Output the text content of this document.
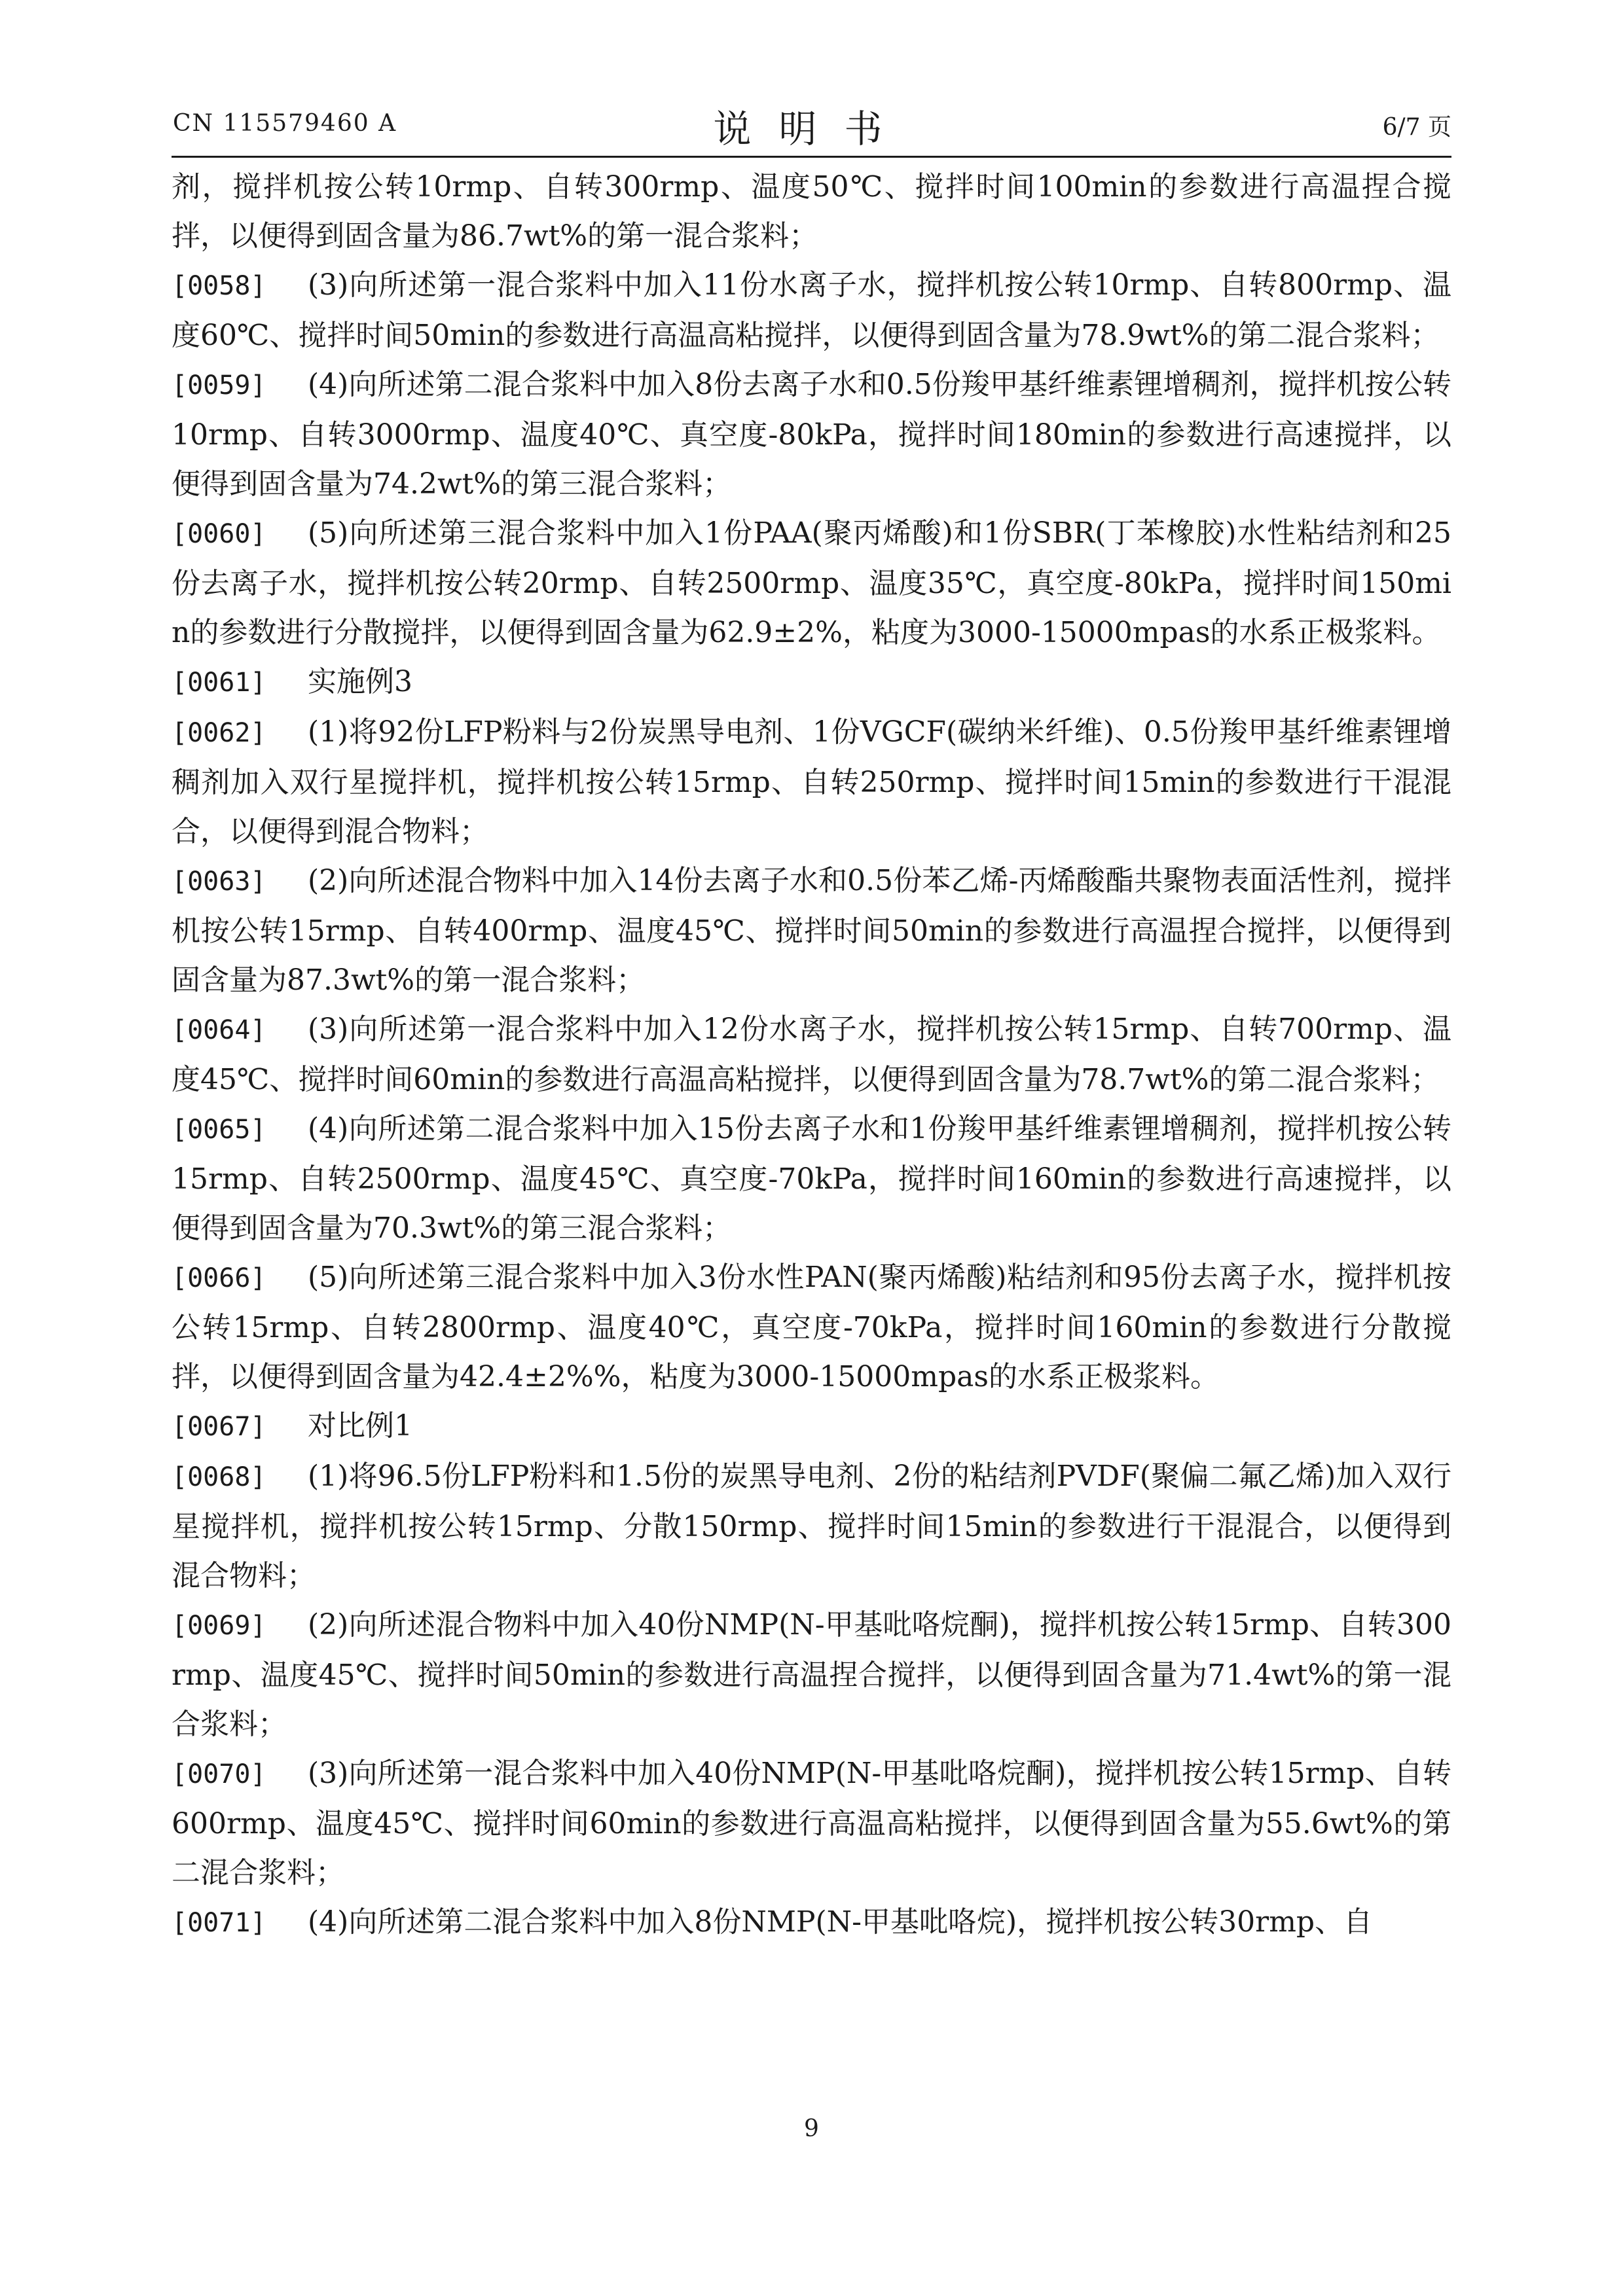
CN 115579460 A	说明书	6/7 页

剂，搅拌机按公转10rmp、自转300rmp、温度50℃、搅拌时间100min的参数进行高温捏合搅拌，以便得到固含量为86.7wt%的第一混合浆料；

[0058] (3)向所述第一混合浆料中加入11份水离子水，搅拌机按公转10rmp、自转800rmp、温度60℃、搅拌时间50min的参数进行高温高粘搅拌，以便得到固含量为78.9wt%的第二混合浆料；

[0059] (4)向所述第二混合浆料中加入8份去离子水和0.5份羧甲基纤维素锂增稠剂，搅拌机按公转10rmp、自转3000rmp、温度40℃、真空度-80kPa，搅拌时间180min的参数进行高速搅拌，以便得到固含量为74.2wt%的第三混合浆料；

[0060] (5)向所述第三混合浆料中加入1份PAA(聚丙烯酸)和1份SBR(丁苯橡胶)水性粘结剂和25份去离子水，搅拌机按公转20rmp、自转2500rmp、温度35℃，真空度-80kPa，搅拌时间150min的参数进行分散搅拌，以便得到固含量为62.9±2%，粘度为3000-15000mpas的水系正极浆料。

[0061] 实施例3

[0062] (1)将92份LFP粉料与2份炭黑导电剂、1份VGCF(碳纳米纤维)、0.5份羧甲基纤维素锂增稠剂加入双行星搅拌机，搅拌机按公转15rmp、自转250rmp、搅拌时间15min的参数进行干混混合，以便得到混合物料；

[0063] (2)向所述混合物料中加入14份去离子水和0.5份苯乙烯-丙烯酸酯共聚物表面活性剂，搅拌机按公转15rmp、自转400rmp、温度45℃、搅拌时间50min的参数进行高温捏合搅拌，以便得到固含量为87.3wt%的第一混合浆料；

[0064] (3)向所述第一混合浆料中加入12份水离子水，搅拌机按公转15rmp、自转700rmp、温度45℃、搅拌时间60min的参数进行高温高粘搅拌，以便得到固含量为78.7wt%的第二混合浆料；

[0065] (4)向所述第二混合浆料中加入15份去离子水和1份羧甲基纤维素锂增稠剂，搅拌机按公转15rmp、自转2500rmp、温度45℃、真空度-70kPa，搅拌时间160min的参数进行高速搅拌，以便得到固含量为70.3wt%的第三混合浆料；

[0066] (5)向所述第三混合浆料中加入3份水性PAN(聚丙烯酸)粘结剂和95份去离子水，搅拌机按公转15rmp、自转2800rmp、温度40℃，真空度-70kPa，搅拌时间160min的参数进行分散搅拌，以便得到固含量为42.4±2%%，粘度为3000-15000mpas的水系正极浆料。

[0067] 对比例1

[0068] (1)将96.5份LFP粉料和1.5份的炭黑导电剂、2份的粘结剂PVDF(聚偏二氟乙烯)加入双行星搅拌机，搅拌机按公转15rmp、分散150rmp、搅拌时间15min的参数进行干混混合，以便得到混合物料；

[0069] (2)向所述混合物料中加入40份NMP(N-甲基吡咯烷酮)，搅拌机按公转15rmp、自转300rmp、温度45℃、搅拌时间50min的参数进行高温捏合搅拌，以便得到固含量为71.4wt%的第一混合浆料；

[0070] (3)向所述第一混合浆料中加入40份NMP(N-甲基吡咯烷酮)，搅拌机按公转15rmp、自转600rmp、温度45℃、搅拌时间60min的参数进行高温高粘搅拌，以便得到固含量为55.6wt%的第二混合浆料；

[0071] (4)向所述第二混合浆料中加入8份NMP(N-甲基吡咯烷)，搅拌机按公转30rmp、自

9
